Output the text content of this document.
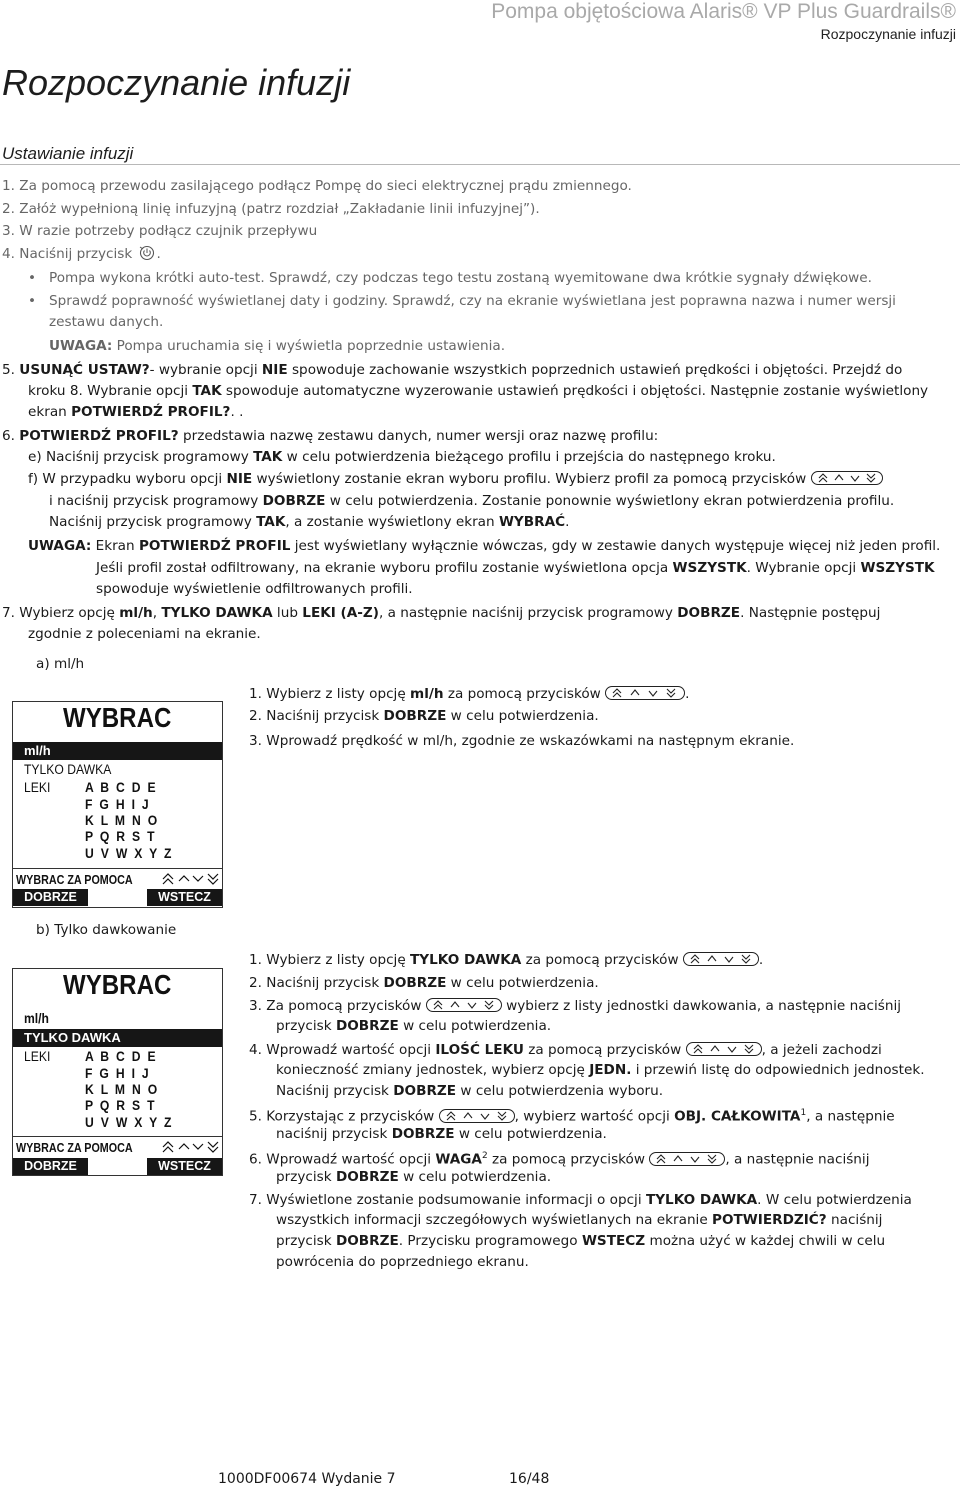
Pompa objętościowa Alaris® VP Plus Guardrails®
Rozpoczynanie infuzji
Rozpoczynanie infuzji
Ustawianie infuzji
1. Za pomocą przewodu zasilającego podłącz Pompę do sieci elektrycznej prądu zmiennego.
2. Załóż wypełnioną linię infuzyjną (patrz rozdział „Zakładanie linii infuzyjnej”).
3. W razie potrzeby podłącz czujnik przepływu
4. Naciśnij przycisk
.
• Pompa wykona krótki auto-test. Sprawdź, czy podczas tego testu zostaną wyemitowane dwa krótkie sygnały dźwiękowe.
• Sprawdź poprawność wyświetlanej daty i godziny. Sprawdź, czy na ekranie wyświetlana jest poprawna nazwa i numer wersji
zestawu danych.
UWAGA: Pompa uruchamia się i wyświetla poprzednie ustawienia.
5. USUNĄĆ USTAW?- wybranie opcji NIE spowoduje zachowanie wszystkich poprzednich ustawień prędkości i objętości. Przejdź do
kroku 8. Wybranie opcji TAK spowoduje automatyczne wyzerowanie ustawień prędkości i objętości. Następnie zostanie wyświetlony
ekran POTWIERDŹ PROFIL?. .
6. POTWIERDŹ PROFIL? przedstawia nazwę zestawu danych, numer wersji oraz nazwę profilu:
e) Naciśnij przycisk programowy TAK w celu potwierdzenia bieżącego profilu i przejścia do następnego kroku.
f) W przypadku wyboru opcji NIE wyświetlony zostanie ekran wyboru profilu. Wybierz profil za pomocą przycisków
i naciśnij przycisk programowy DOBRZE w celu potwierdzenia. Zostanie ponownie wyświetlony ekran potwierdzenia profilu.
Naciśnij przycisk programowy TAK, a zostanie wyświetlony ekran WYBRAĆ.
UWAGA: Ekran POTWIERDŹ PROFIL jest wyświetlany wyłącznie wówczas, gdy w zestawie danych występuje więcej niż jeden profil.
Jeśli profil został odfiltrowany, na ekranie wyboru profilu zostanie wyświetlona opcja WSZYSTK. Wybranie opcji WSZYSTK
spowoduje wyświetlenie odfiltrowanych profili.
7. Wybierz opcję ml/h, TYLKO DAWKA lub LEKI (A-Z), a następnie naciśnij przycisk programowy DOBRZE. Następnie postępuj
zgodnie z poleceniami na ekranie.
a) ml/h
WYBRAC
ml/h
TYLKO DAWKA
LEKI	A B C D E
F G H I J
K L M N O
P Q R S T
U V W X Y Z
WYBRAC ZA POMOCA
DOBRZE	WSTECZ
1. Wybierz z listy opcję ml/h za pomocą przycisków	.
2. Naciśnij przycisk DOBRZE w celu potwierdzenia.
3. Wprowadź prędkość w ml/h, zgodnie ze wskazówkami na następnym ekranie.
b) Tylko dawkowanie
WYBRAC
ml/h
TYLKO DAWKA
LEKI	A B C D E
F G H I J
K L M N O
P Q R S T
U V W X Y Z
WYBRAC ZA POMOCA
DOBRZE	WSTECZ
1. Wybierz z listy opcję TYLKO DAWKA za pomocą przycisków	.
2. Naciśnij przycisk DOBRZE w celu potwierdzenia.
3. Za pomocą przycisków	wybierz z listy jednostki dawkowania, a następnie naciśnij
przycisk DOBRZE w celu potwierdzenia.
4. Wprowadź wartość opcji ILOŚĆ LEKU za pomocą przycisków	, a jeżeli zachodzi
konieczność zmiany jednostek, wybierz opcję JEDN. i przewiń listę do odpowiednich jednostek.
Naciśnij przycisk DOBRZE w celu potwierdzenia wyboru.
5. Korzystając z przycisków	, wybierz wartość opcji OBJ. CAŁKOWITA$^1$, a następnie
naciśnij przycisk DOBRZE w celu potwierdzenia.
6. Wprowadź wartość opcji WAGA$^2$ za pomocą przycisków	, a następnie naciśnij
przycisk DOBRZE w celu potwierdzenia.
7. Wyświetlone zostanie podsumowanie informacji o opcji TYLKO DAWKA. W celu potwierdzenia
wszystkich informacji szczegółowych wyświetlanych na ekranie POTWIERDZIĆ? naciśnij
przycisk DOBRZE. Przycisku programowego WSTECZ można użyć w każdej chwili w celu
powrócenia do poprzedniego ekranu.
1000DF00674 Wydanie 7	16/48
